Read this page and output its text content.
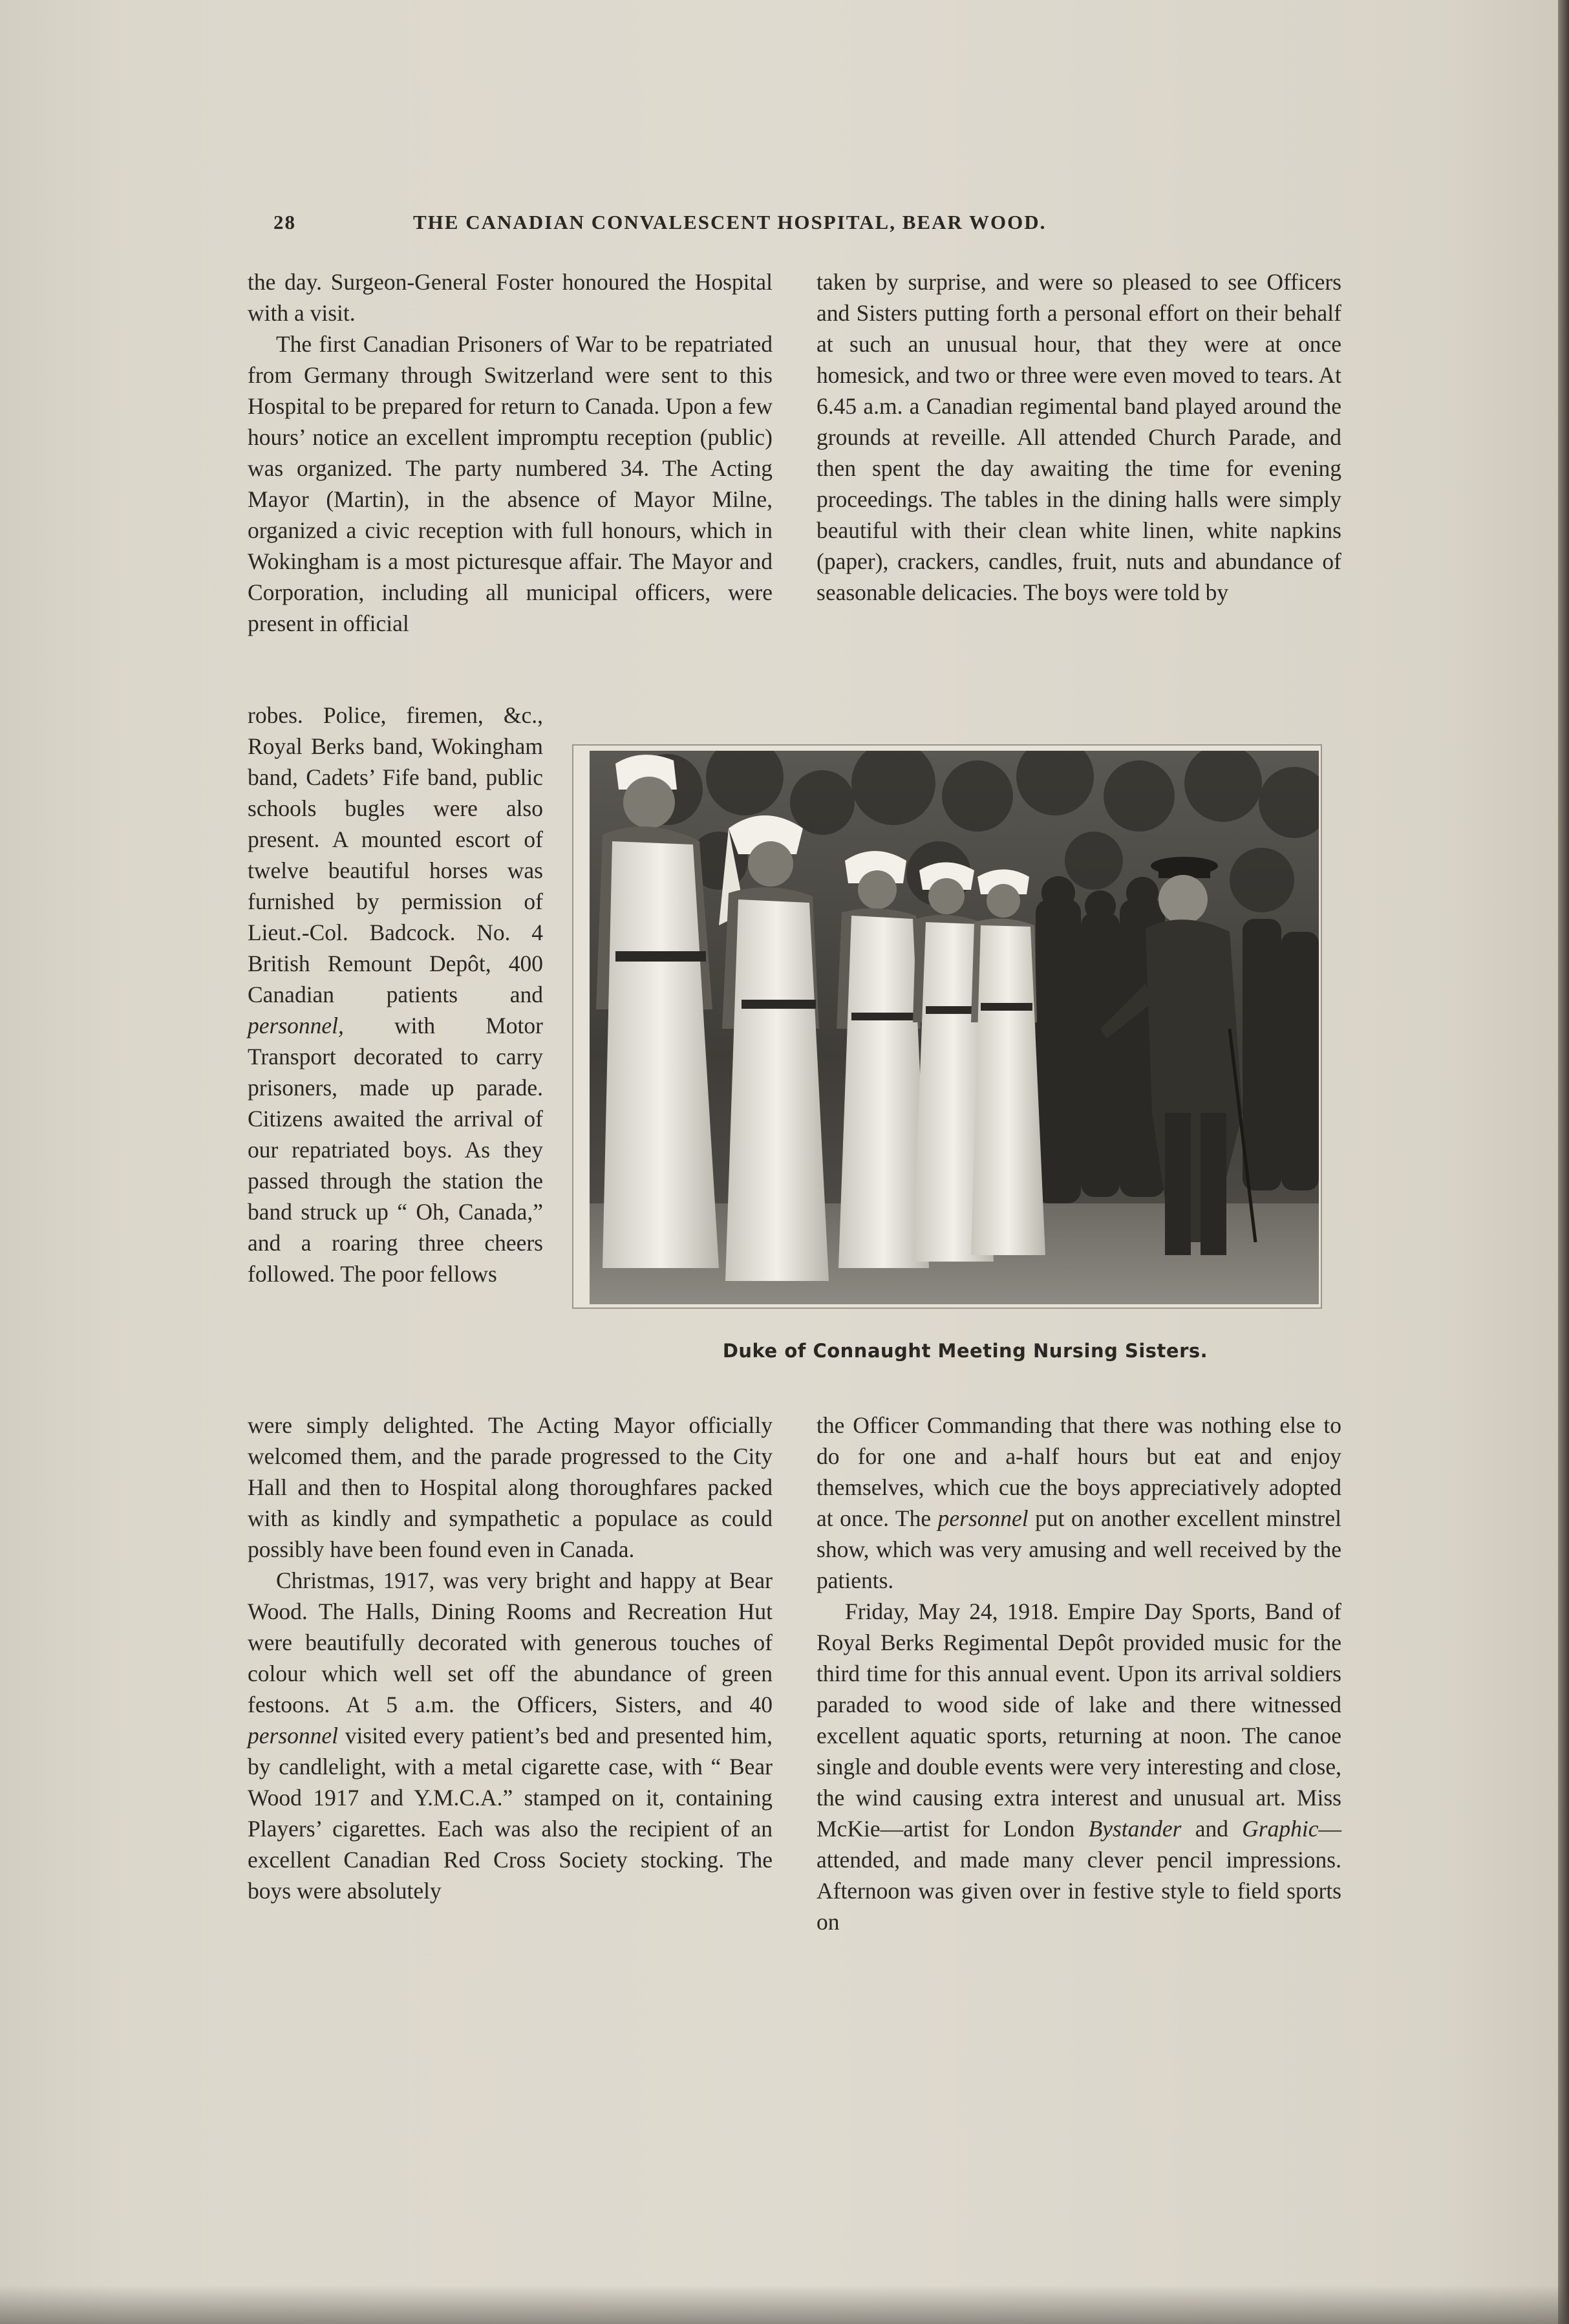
28	THE CANADIAN CONVALESCENT HOSPITAL, BEAR WOOD.

the day. Surgeon-General Foster honoured the Hospital with a visit.

The first Canadian Prisoners of War to be repatriated from Germany through Switzerland were sent to this Hospital to be prepared for return to Canada. Upon a few hours’ notice an excellent impromptu reception (public) was organized. The party numbered 34. The Acting Mayor (Martin), in the absence of Mayor Milne, organized a civic reception with full honours, which in Wokingham is a most picturesque affair. The Mayor and Corporation, including all municipal officers, were present in official

taken by surprise, and were so pleased to see Officers and Sisters putting forth a personal effort on their behalf at such an unusual hour, that they were at once homesick, and two or three were even moved to tears. At 6.45 a.m. a Canadian regimental band played around the grounds at reveille. All attended Church Parade, and then spent the day awaiting the time for evening proceedings. The tables in the dining halls were simply beautiful with their clean white linen, white napkins (paper), crackers, candles, fruit, nuts and abundance of seasonable delicacies. The boys were told by

robes. Police, firemen, &c., Royal Berks band, Wokingham band, Cadets’ Fife band, public schools bugles were also present. A mounted escort of twelve beautiful horses was furnished by permission of Lieut.-Col. Badcock. No. 4 British Remount Depôt, 400 Canadian patients and personnel, with Motor Transport decorated to carry prisoners, made up parade. Citizens awaited the arrival of our repatriated boys. As they passed through the station the band struck up “ Oh, Canada,” and a roaring three cheers followed. The poor fellows

Duke of Connaught Meeting Nursing Sisters.

were simply delighted. The Acting Mayor officially welcomed them, and the parade progressed to the City Hall and then to Hospital along thoroughfares packed with as kindly and sympathetic a populace as could possibly have been found even in Canada.

Christmas, 1917, was very bright and happy at Bear Wood. The Halls, Dining Rooms and Recreation Hut were beautifully decorated with generous touches of colour which well set off the abundance of green festoons. At 5 a.m. the Officers, Sisters, and 40 personnel visited every patient’s bed and presented him, by candlelight, with a metal cigarette case, with “ Bear Wood 1917 and Y.M.C.A.” stamped on it, containing Players’ cigarettes. Each was also the recipient of an excellent Canadian Red Cross Society stocking. The boys were absolutely

the Officer Commanding that there was nothing else to do for one and a-half hours but eat and enjoy themselves, which cue the boys appreciatively adopted at once. The personnel put on another excellent minstrel show, which was very amusing and well received by the patients.

Friday, May 24, 1918. Empire Day Sports, Band of Royal Berks Regimental Depôt provided music for the third time for this annual event. Upon its arrival soldiers paraded to wood side of lake and there witnessed excellent aquatic sports, returning at noon. The canoe single and double events were very interesting and close, the wind causing extra interest and unusual art. Miss McKie—artist for London Bystander and Graphic—attended, and made many clever pencil impressions. Afternoon was given over in festive style to field sports on
